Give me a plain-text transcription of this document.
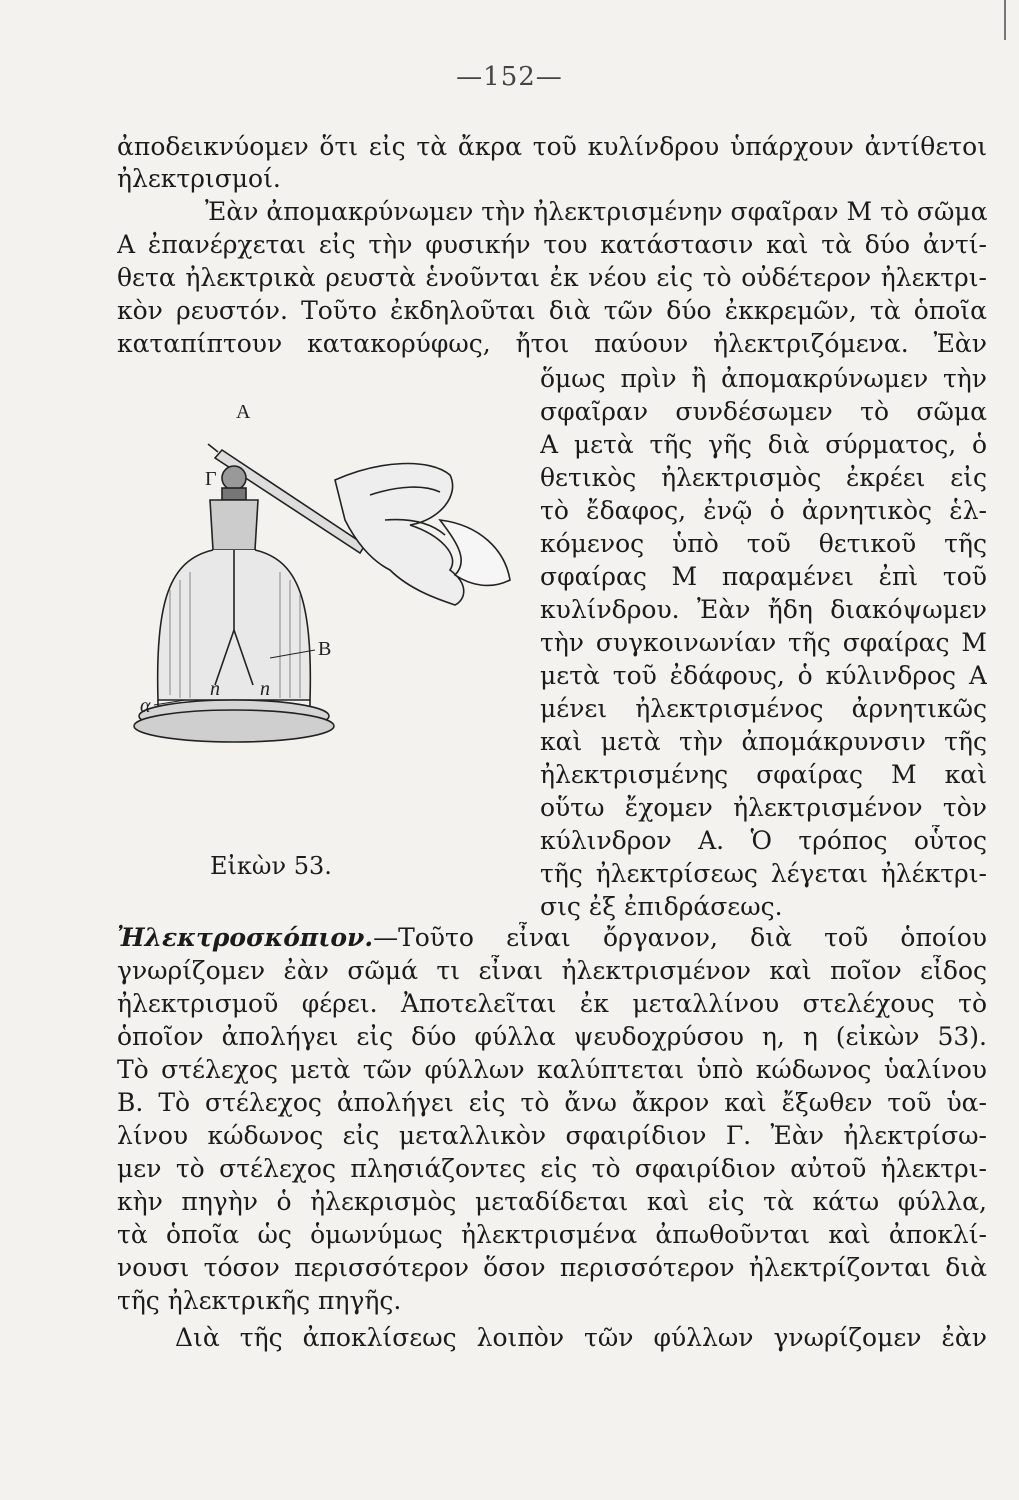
—152—
ἀποδεικνύομεν ὅτι εἰς τὰ ἄκρα τοῦ κυλίνδρου ὑπάρχουν ἀντίθετοι
ἠλεκτρισμοί.
Ἐὰν ἀπομακρύνωμεν τὴν ἠλεκτρισμένην σφαῖραν Μ τὸ σῶμα
Α ἐπανέρχεται εἰς τὴν φυσικήν του κατάστασιν καὶ τὰ δύο ἀντί-
θετα ἠλεκτρικὰ ρευστὰ ἑνοῦνται ἐκ νέου εἰς τὸ οὐδέτερον ἠλεκτρι-
κὸν ρευστόν. Τοῦτο ἐκδηλοῦται διὰ τῶν δύο ἐκκρεμῶν, τὰ ὁποῖα
καταπίπτουν κατακορύφως, ἤτοι παύουν ἠλεκτριζόμενα. Ἐὰν
ὅμως πρὶν ἢ ἀπομακρύνωμεν τὴν
σφαῖραν συνδέσωμεν τὸ σῶμα
Α μετὰ τῆς γῆς διὰ σύρματος, ὁ
θετικὸς ἠλεκτρισμὸς ἐκρέει εἰς
τὸ ἔδαφος, ἐνῷ ὁ ἀρνητικὸς ἑλ-
κόμενος ὑπὸ τοῦ θετικοῦ τῆς
σφαίρας Μ παραμένει ἐπὶ τοῦ
κυλίνδρου. Ἐὰν ἤδη διακόψωμεν
τὴν συγκοινωνίαν τῆς σφαίρας Μ
μετὰ τοῦ ἐδάφους, ὁ κύλινδρος Α
μένει ἠλεκτρισμένος ἀρνητικῶς
καὶ μετὰ τὴν ἀπομάκρυνσιν τῆς
ἠλεκτρισμένης σφαίρας Μ καὶ
οὕτω ἔχομεν ἠλεκτρισμένον τὸν
κύλινδρον Α. Ὁ τρόπος οὗτος
τῆς ἠλεκτρίσεως λέγεται ἠλέκτρι-
σις ἐξ ἐπιδράσεως.
A
Γ
B
α
n n
Εἰκὼν 53.
Ἠλεκτροσκόπιον.—Τοῦτο εἶναι ὄργανον, διὰ τοῦ ὁποίου
γνωρίζομεν ἐὰν σῶμά τι εἶναι ἠλεκτρισμένον καὶ ποῖον εἶδος
ἠλεκτρισμοῦ φέρει. Ἀποτελεῖται ἐκ μεταλλίνου στελέχους τὸ
ὁποῖον ἀπολήγει εἰς δύο φύλλα ψευδοχρύσου η, η (εἰκὼν 53).
Τὸ στέλεχος μετὰ τῶν φύλλων καλύπτεται ὑπὸ κώδωνος ὑαλίνου
Β. Τὸ στέλεχος ἀπολήγει εἰς τὸ ἄνω ἄκρον καὶ ἔξωθεν τοῦ ὑα-
λίνου κώδωνος εἰς μεταλλικὸν σφαιρίδιον Γ. Ἐὰν ἠλεκτρίσω-
μεν τὸ στέλεχος πλησιάζοντες εἰς τὸ σφαιρίδιον αὐτοῦ ἠλεκτρι-
κὴν πηγὴν ὁ ἠλεκρισμὸς μεταδίδεται καὶ εἰς τὰ κάτω φύλλα,
τὰ ὁποῖα ὡς ὁμωνύμως ἠλεκτρισμένα ἀπωθοῦνται καὶ ἀποκλί-
νουσι τόσον περισσότερον ὅσον περισσότερον ἠλεκτρίζονται διὰ
τῆς ἠλεκτρικῆς πηγῆς.
Διὰ τῆς ἀποκλίσεως λοιπὸν τῶν φύλλων γνωρίζομεν ἐὰν
